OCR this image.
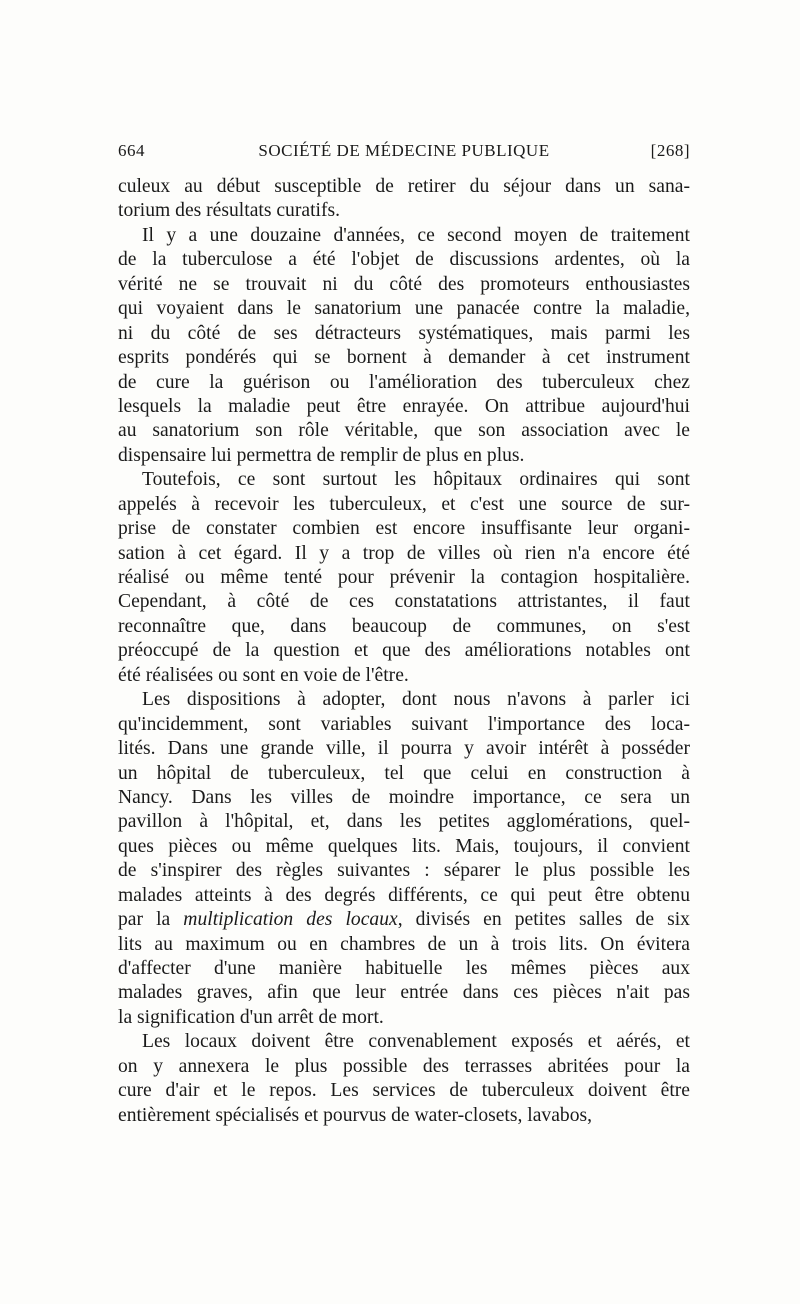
664	SOCIÉTÉ DE MÉDECINE PUBLIQUE	[268]
culeux au début susceptible de retirer du séjour dans un sana-
torium des résultats curatifs.
Il y a une douzaine d'années, ce second moyen de traitement
de la tuberculose a été l'objet de discussions ardentes, où la
vérité ne se trouvait ni du côté des promoteurs enthousiastes
qui voyaient dans le sanatorium une panacée contre la maladie,
ni du côté de ses détracteurs systématiques, mais parmi les
esprits pondérés qui se bornent à demander à cet instrument
de cure la guérison ou l'amélioration des tuberculeux chez
lesquels la maladie peut être enrayée. On attribue aujourd'hui
au sanatorium son rôle véritable, que son association avec le
dispensaire lui permettra de remplir de plus en plus.
Toutefois, ce sont surtout les hôpitaux ordinaires qui sont
appelés à recevoir les tuberculeux, et c'est une source de sur-
prise de constater combien est encore insuffisante leur organi-
sation à cet égard. Il y a trop de villes où rien n'a encore été
réalisé ou même tenté pour prévenir la contagion hospitalière.
Cependant, à côté de ces constatations attristantes, il faut
reconnaître que, dans beaucoup de communes, on s'est
préoccupé de la question et que des améliorations notables ont
été réalisées ou sont en voie de l'être.
Les dispositions à adopter, dont nous n'avons à parler ici
qu'incidemment, sont variables suivant l'importance des loca-
lités. Dans une grande ville, il pourra y avoir intérêt à posséder
un hôpital de tuberculeux, tel que celui en construction à
Nancy. Dans les villes de moindre importance, ce sera un
pavillon à l'hôpital, et, dans les petites agglomérations, quel-
ques pièces ou même quelques lits. Mais, toujours, il convient
de s'inspirer des règles suivantes : séparer le plus possible les
malades atteints à des degrés différents, ce qui peut être obtenu
par la multiplication des locaux, divisés en petites salles de six
lits au maximum ou en chambres de un à trois lits. On évitera
d'affecter d'une manière habituelle les mêmes pièces aux
malades graves, afin que leur entrée dans ces pièces n'ait pas
la signification d'un arrêt de mort.
Les locaux doivent être convenablement exposés et aérés, et
on y annexera le plus possible des terrasses abritées pour la
cure d'air et le repos. Les services de tuberculeux doivent être
entièrement spécialisés et pourvus de water-closets, lavabos,
